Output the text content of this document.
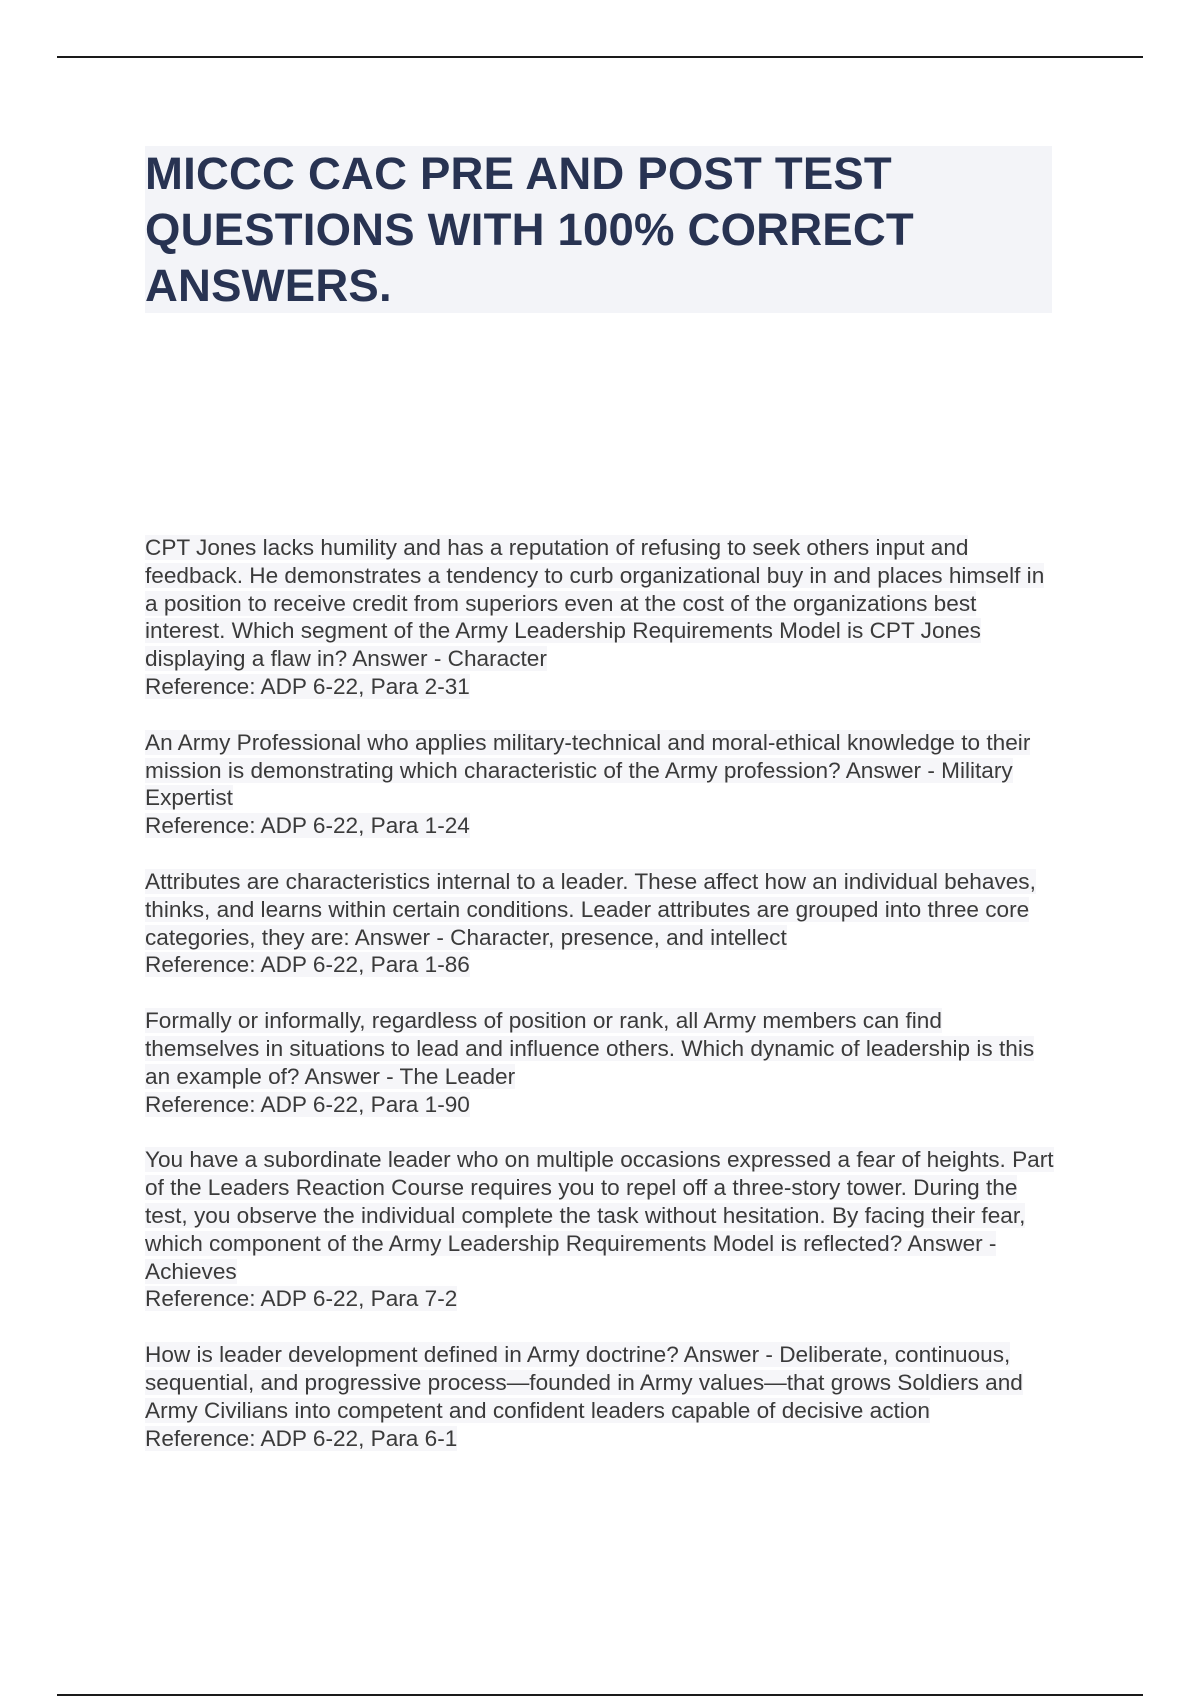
MICCC CAC PRE AND POST TEST QUESTIONS WITH 100% CORRECT ANSWERS.
CPT Jones lacks humility and has a reputation of refusing to seek others input and feedback. He demonstrates a tendency to curb organizational buy in and places himself in a position to receive credit from superiors even at the cost of the organizations best interest. Which segment of the Army Leadership Requirements Model is CPT Jones displaying a flaw in? Answer - Character
Reference: ADP 6-22, Para 2-31
An Army Professional who applies military-technical and moral-ethical knowledge to their mission is demonstrating which characteristic of the Army profession? Answer - Military Expertist
Reference: ADP 6-22, Para 1-24
Attributes are characteristics internal to a leader. These affect how an individual behaves, thinks, and learns within certain conditions. Leader attributes are grouped into three core categories, they are: Answer - Character, presence, and intellect
Reference: ADP 6-22, Para 1-86
Formally or informally, regardless of position or rank, all Army members can find themselves in situations to lead and influence others. Which dynamic of leadership is this an example of? Answer - The Leader
Reference: ADP 6-22, Para 1-90
You have a subordinate leader who on multiple occasions expressed a fear of heights. Part of the Leaders Reaction Course requires you to repel off a three-story tower. During the test, you observe the individual complete the task without hesitation. By facing their fear, which component of the Army Leadership Requirements Model is reflected? Answer - Achieves
Reference: ADP 6-22, Para 7-2
How is leader development defined in Army doctrine? Answer - Deliberate, continuous, sequential, and progressive process—founded in Army values—that grows Soldiers and Army Civilians into competent and confident leaders capable of decisive action
Reference: ADP 6-22, Para 6-1
